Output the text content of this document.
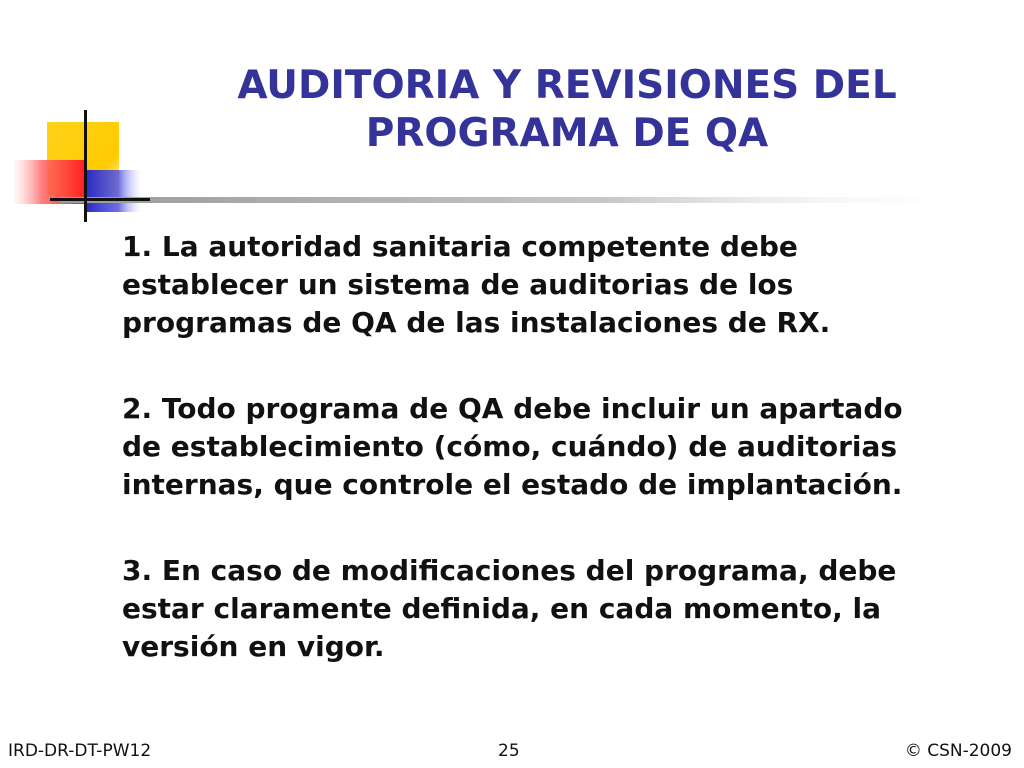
AUDITORIA Y REVISIONES DEL
PROGRAMA DE QA

1. La autoridad sanitaria competente debe
establecer un sistema de auditorias de los
programas de QA de las instalaciones de RX.

2. Todo programa de QA debe incluir un apartado
de establecimiento (cómo, cuándo) de auditorias
internas, que controle el estado de implantación.

3. En caso de modificaciones del programa, debe
estar claramente definida, en cada momento, la
versión en vigor.

IRD-DR-DT-PW12	25	© CSN-2009
